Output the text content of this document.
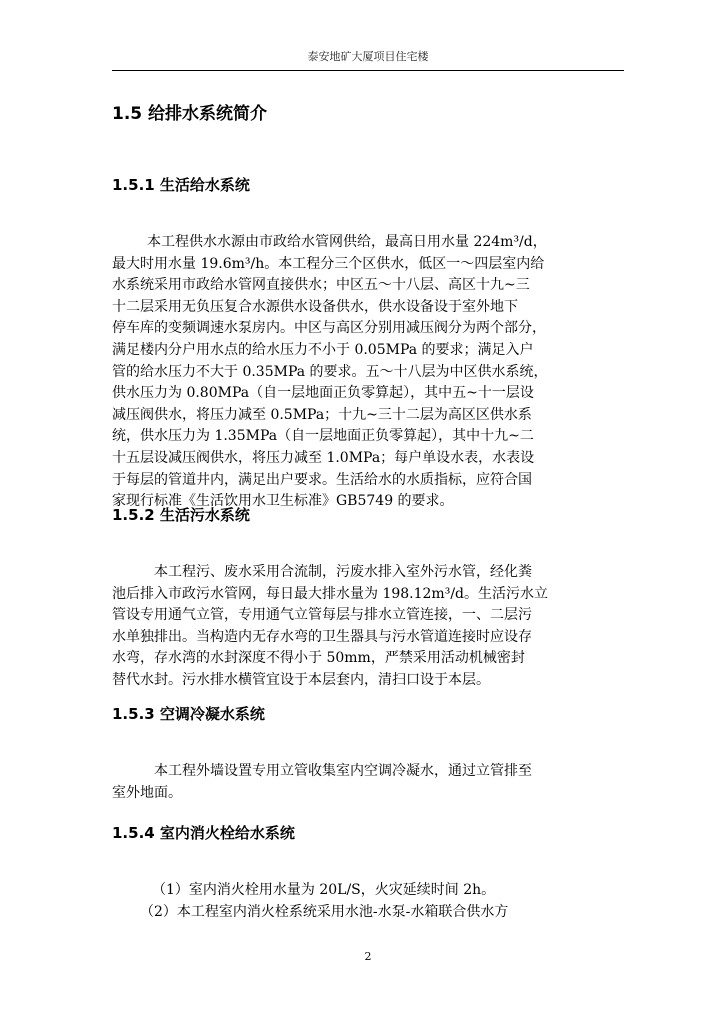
泰安地矿大厦项目住宅楼
1.5 给排水系统简介
1.5.1 生活给水系统
本工程供水水源由市政给水管网供给，最高日用水量 224m³/d，
最大时用水量 19.6m³/h。本工程分三个区供水，低区一～四层室内给
水系统采用市政给水管网直接供水；中区五～十八层、高区十九~三
十二层采用无负压复合水源供水设备供水，供水设备设于室外地下
停车库的变频调速水泵房内。中区与高区分别用减压阀分为两个部分，
满足楼内分户用水点的给水压力不小于 0.05MPa 的要求；满足入户
管的给水压力不大于 0.35MPa 的要求。五～十八层为中区供水系统，
供水压力为 0.80MPa（自一层地面正负零算起），其中五~十一层设
减压阀供水，将压力减至 0.5MPa；十九~三十二层为高区区供水系
统，供水压力为 1.35MPa（自一层地面正负零算起），其中十九~二
十五层设减压阀供水，将压力减至 1.0MPa；每户单设水表，水表设
于每层的管道井内，满足出户要求。生活给水的水质指标，应符合国
家现行标准《生活饮用水卫生标准》GB5749 的要求。
1.5.2 生活污水系统
本工程污、废水采用合流制，污废水排入室外污水管，经化粪
池后排入市政污水管网，每日最大排水量为 198.12m³/d。生活污水立
管设专用通气立管，专用通气立管每层与排水立管连接，一、二层污
水单独排出。当构造内无存水弯的卫生器具与污水管道连接时应设存
水弯，存水湾的水封深度不得小于 50mm，严禁采用活动机械密封
替代水封。污水排水横管宜设于本层套内，清扫口设于本层。
1.5.3 空调冷凝水系统
本工程外墙设置专用立管收集室内空调冷凝水，通过立管排至
室外地面。
1.5.4 室内消火栓给水系统
（1）室内消火栓用水量为 20L/S，火灾延续时间 2h。
（2）本工程室内消火栓系统采用水池-水泵-水箱联合供水方
2
